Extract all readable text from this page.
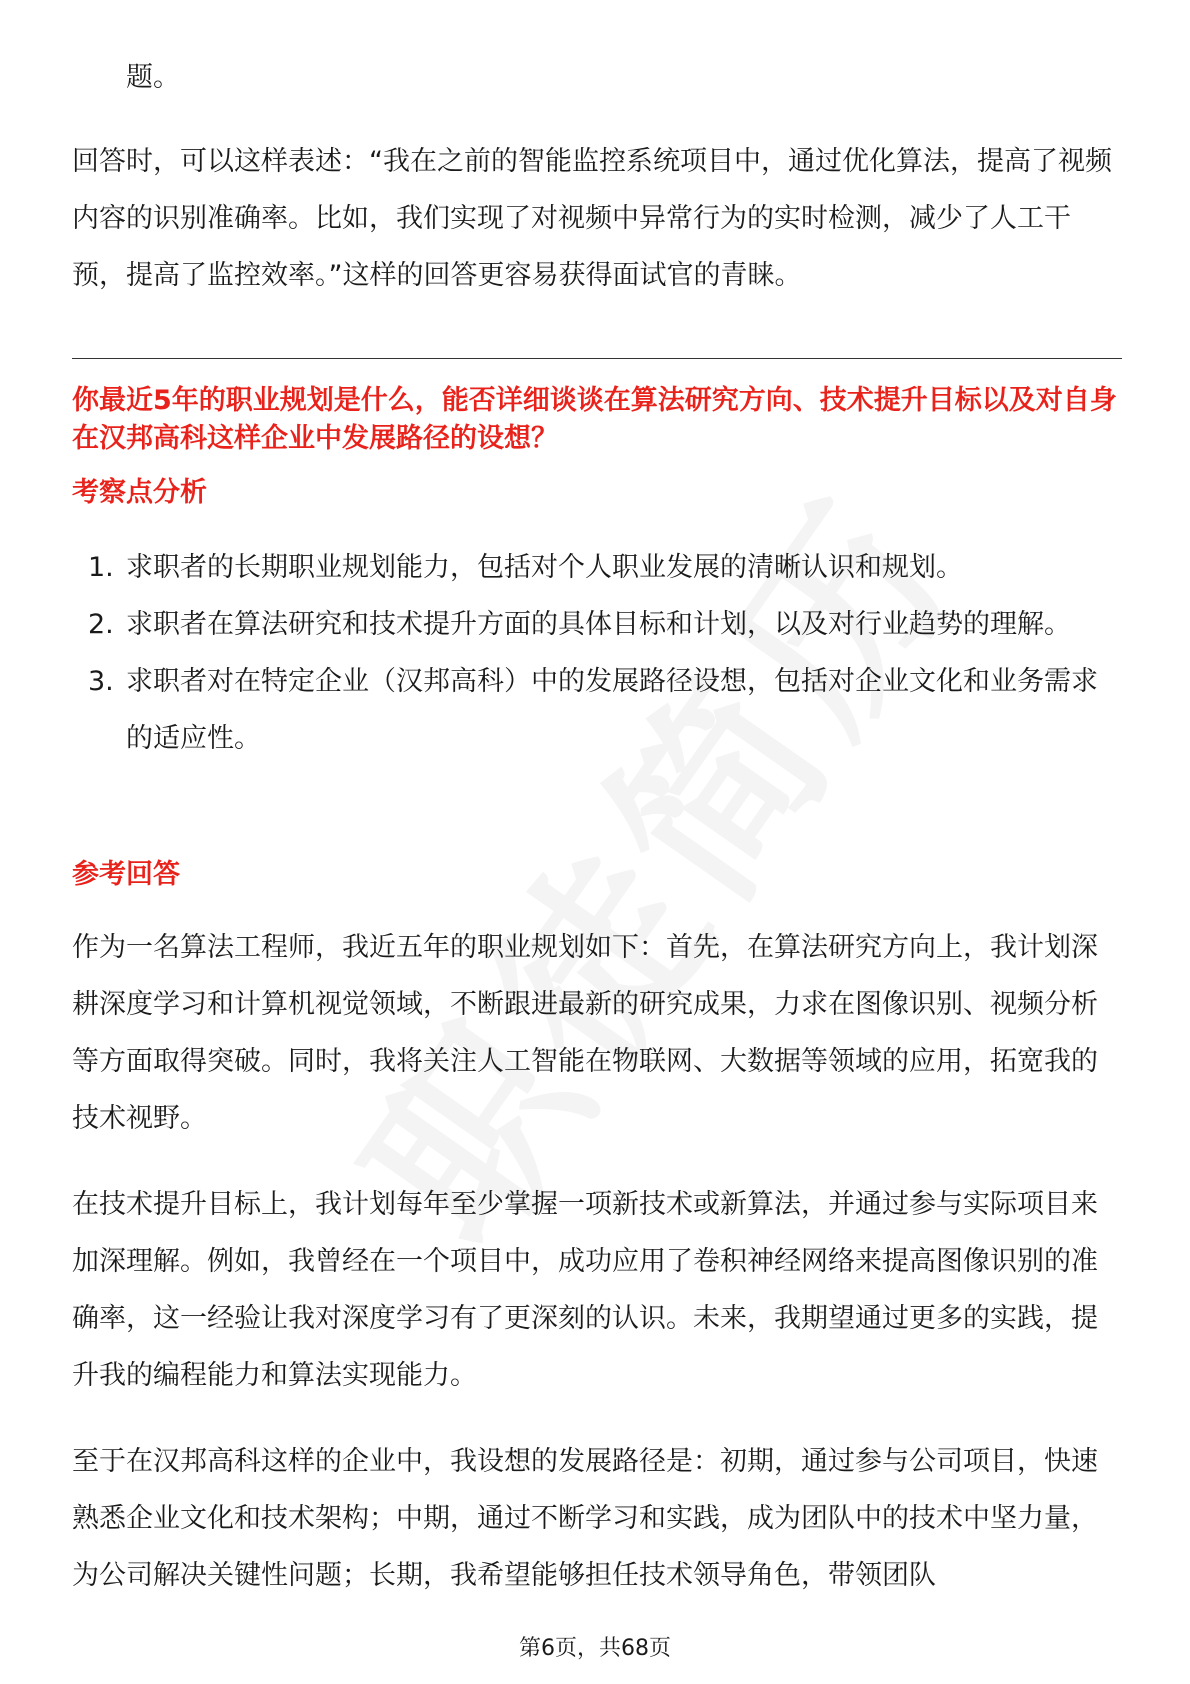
题。

回答时，可以这样表述：“我在之前的智能监控系统项目中，通过优化算法，提高了视频内容的识别准确率。比如，我们实现了对视频中异常行为的实时检测，减少了人工干预，提高了监控效率。”这样的回答更容易获得面试官的青睐。

你最近5年的职业规划是什么，能否详细谈谈在算法研究方向、技术提升目标以及对自身在汉邦高科这样企业中发展路径的设想？

考察点分析

1. 求职者的长期职业规划能力，包括对个人职业发展的清晰认识和规划。
2. 求职者在算法研究和技术提升方面的具体目标和计划，以及对行业趋势的理解。
3. 求职者对在特定企业（汉邦高科）中的发展路径设想，包括对企业文化和业务需求的适应性。

参考回答

作为一名算法工程师，我近五年的职业规划如下：首先，在算法研究方向上，我计划深耕深度学习和计算机视觉领域，不断跟进最新的研究成果，力求在图像识别、视频分析等方面取得突破。同时，我将关注人工智能在物联网、大数据等领域的应用，拓宽我的技术视野。

在技术提升目标上，我计划每年至少掌握一项新技术或新算法，并通过参与实际项目来加深理解。例如，我曾经在一个项目中，成功应用了卷积神经网络来提高图像识别的准确率，这一经验让我对深度学习有了更深刻的认识。未来，我期望通过更多的实践，提升我的编程能力和算法实现能力。

至于在汉邦高科这样的企业中，我设想的发展路径是：初期，通过参与公司项目，快速熟悉企业文化和技术架构；中期，通过不断学习和实践，成为团队中的技术中坚力量，为公司解决关键性问题；长期，我希望能够担任技术领导角色，带领团队

第6页，共68页
